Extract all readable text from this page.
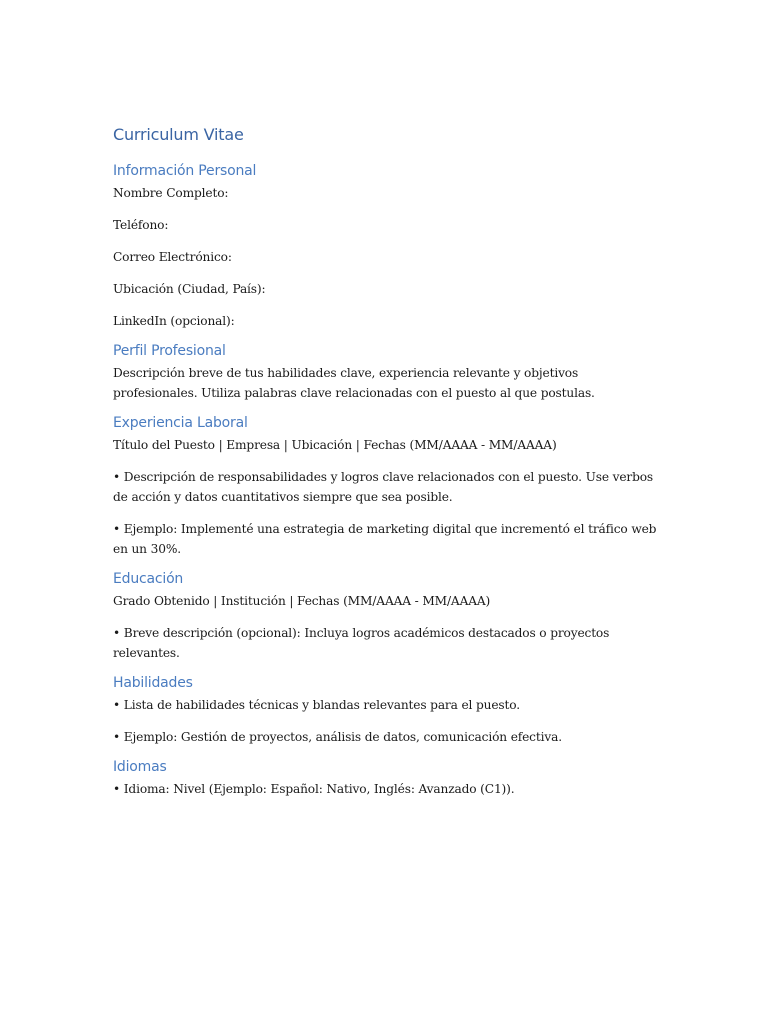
Curriculum Vitae
Información Personal

Nombre Completo:

Teléfono:

Correo Electrónico:

Ubicación (Ciudad, País):

LinkedIn (opcional):

Perfil Profesional

Descripción breve de tus habilidades clave, experiencia relevante y objetivos profesionales. Utiliza palabras clave relacionadas con el puesto al que postulas.

Experiencia Laboral

Título del Puesto | Empresa | Ubicación | Fechas (MM/AAAA - MM/AAAA)

• Descripción de responsabilidades y logros clave relacionados con el puesto. Use verbos de acción y datos cuantitativos siempre que sea posible.

• Ejemplo: Implementé una estrategia de marketing digital que incrementó el tráfico web en un 30%.

Educación

Grado Obtenido | Institución | Fechas (MM/AAAA - MM/AAAA)

• Breve descripción (opcional): Incluya logros académicos destacados o proyectos relevantes.

Habilidades

• Lista de habilidades técnicas y blandas relevantes para el puesto.

• Ejemplo: Gestión de proyectos, análisis de datos, comunicación efectiva.

Idiomas

• Idioma: Nivel (Ejemplo: Español: Nativo, Inglés: Avanzado (C1)).
